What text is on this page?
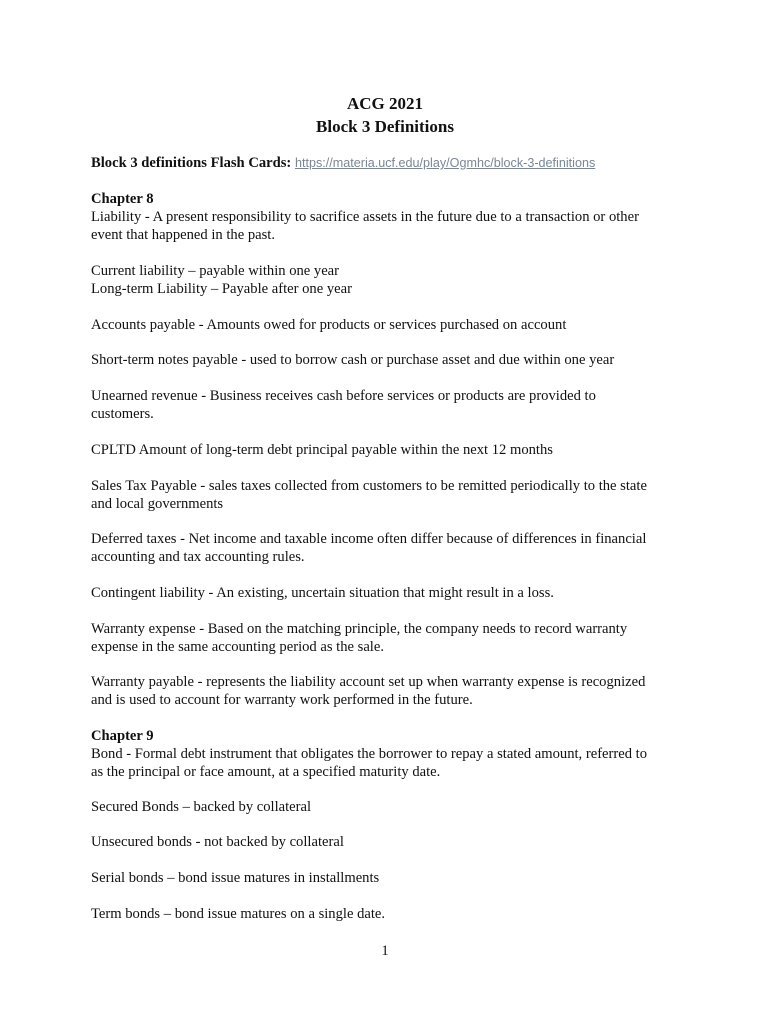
ACG 2021
Block 3 Definitions

Block 3 definitions Flash Cards: https://materia.ucf.edu/play/Ogmhc/block-3-definitions

Chapter 8
Liability - A present responsibility to sacrifice assets in the future due to a transaction or other
event that happened in the past.

Current liability – payable within one year
Long-term Liability – Payable after one year

Accounts payable - Amounts owed for products or services purchased on account

Short-term notes payable - used to borrow cash or purchase asset and due within one year

Unearned revenue - Business receives cash before services or products are provided to
customers.

CPLTD Amount of long-term debt principal payable within the next 12 months

Sales Tax Payable - sales taxes collected from customers to be remitted periodically to the state
and local governments

Deferred taxes - Net income and taxable income often differ because of differences in financial
accounting and tax accounting rules.

Contingent liability - An existing, uncertain situation that might result in a loss.

Warranty expense - Based on the matching principle, the company needs to record warranty
expense in the same accounting period as the sale.

Warranty payable - represents the liability account set up when warranty expense is recognized
and is used to account for warranty work performed in the future.

Chapter 9
Bond - Formal debt instrument that obligates the borrower to repay a stated amount, referred to
as the principal or face amount, at a specified maturity date.

Secured Bonds – backed by collateral

Unsecured bonds - not backed by collateral

Serial bonds – bond issue matures in installments

Term bonds – bond issue matures on a single date.

1
